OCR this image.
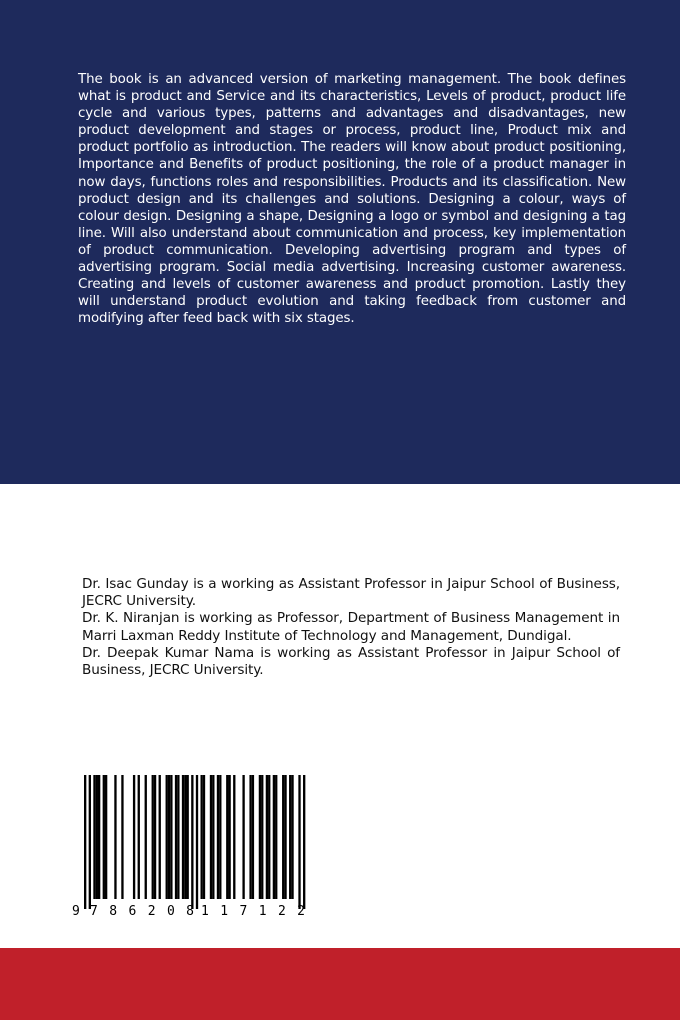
The book is an advanced version of marketing management. The book defines what is product and Service and its characteristics, Levels of product, product life cycle and various types, patterns and advantages and disadvantages, new product development and stages or process, product line, Product mix and product portfolio as introduction. The readers will know about product positioning, Importance and Benefits of product positioning, the role of a product manager in now days, functions roles and responsibilities. Products and its classification. New product design and its challenges and solutions. Designing a colour, ways of colour design. Designing a shape, Designing a logo or symbol and designing a tag line. Will also understand about communication and process, key implementation of product communication. Developing advertising program and types of advertising program. Social media advertising. Increasing customer awareness. Creating and levels of customer awareness and product promotion. Lastly they will understand product evolution and taking feedback from customer and modifying after feed back with six stages.

Dr. Isac Gunday is a working as Assistant Professor in Jaipur School of Business, JECRC University.

Dr. K. Niranjan is working as Professor, Department of Business Management in Marri Laxman Reddy Institute of Technology and Management, Dundigal.

Dr. Deepak Kumar Nama is working as Assistant Professor in Jaipur School of Business, JECRC University.

9 786208 117122
